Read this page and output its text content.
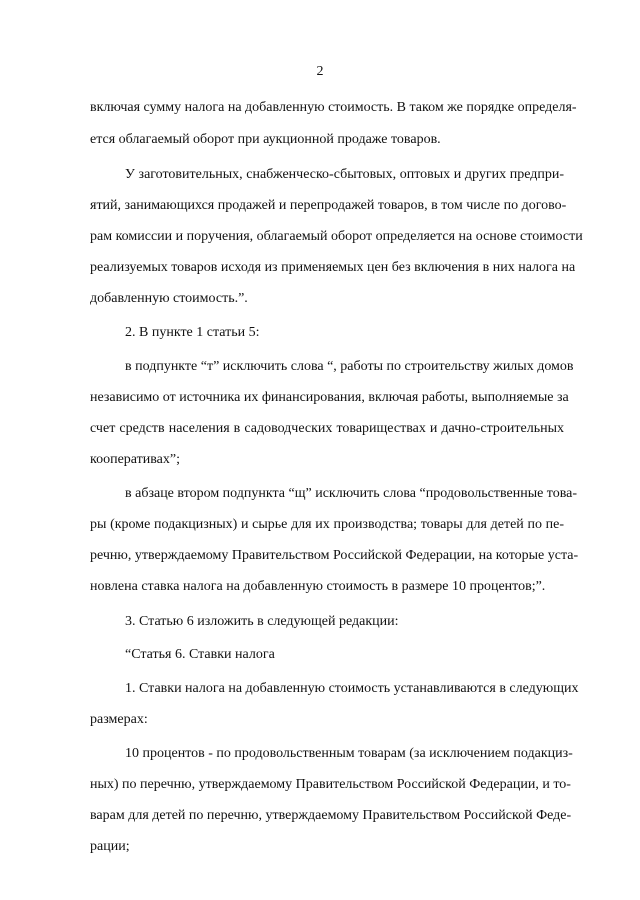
2
включая сумму налога на добавленную стоимость. В таком же порядке определя-
ется облагаемый оборот при аукционной продаже товаров.
У заготовительных, снабженческо-сбытовых, оптовых и других предпри-
ятий, занимающихся продажей и перепродажей товаров, в том числе по догово-
рам комиссии и поручения, облагаемый оборот определяется на основе стоимости
реализуемых товаров исходя из применяемых цен без включения в них налога на
добавленную стоимость.”.
2. В пункте 1 статьи 5:
в подпункте “т” исключить слова “, работы по строительству жилых домов
независимо от источника их финансирования, включая работы, выполняемые за
счет средств населения в садоводческих товариществах и дачно-строительных
кооперативах”;
в абзаце втором подпункта “щ” исключить слова “продовольственные това-
ры (кроме подакцизных) и сырье для их производства; товары для детей по пе-
речню, утверждаемому Правительством Российской Федерации, на которые уста-
новлена ставка налога на добавленную стоимость в размере 10 процентов;”.
3. Статью 6 изложить в следующей редакции:
“Статья 6. Ставки налога
1. Ставки налога на добавленную стоимость устанавливаются в следующих
размерах:
10 процентов - по продовольственным товарам (за исключением подакциз-
ных) по перечню, утверждаемому Правительством Российской Федерации, и то-
варам для детей по перечню, утверждаемому Правительством Российской Феде-
рации;
